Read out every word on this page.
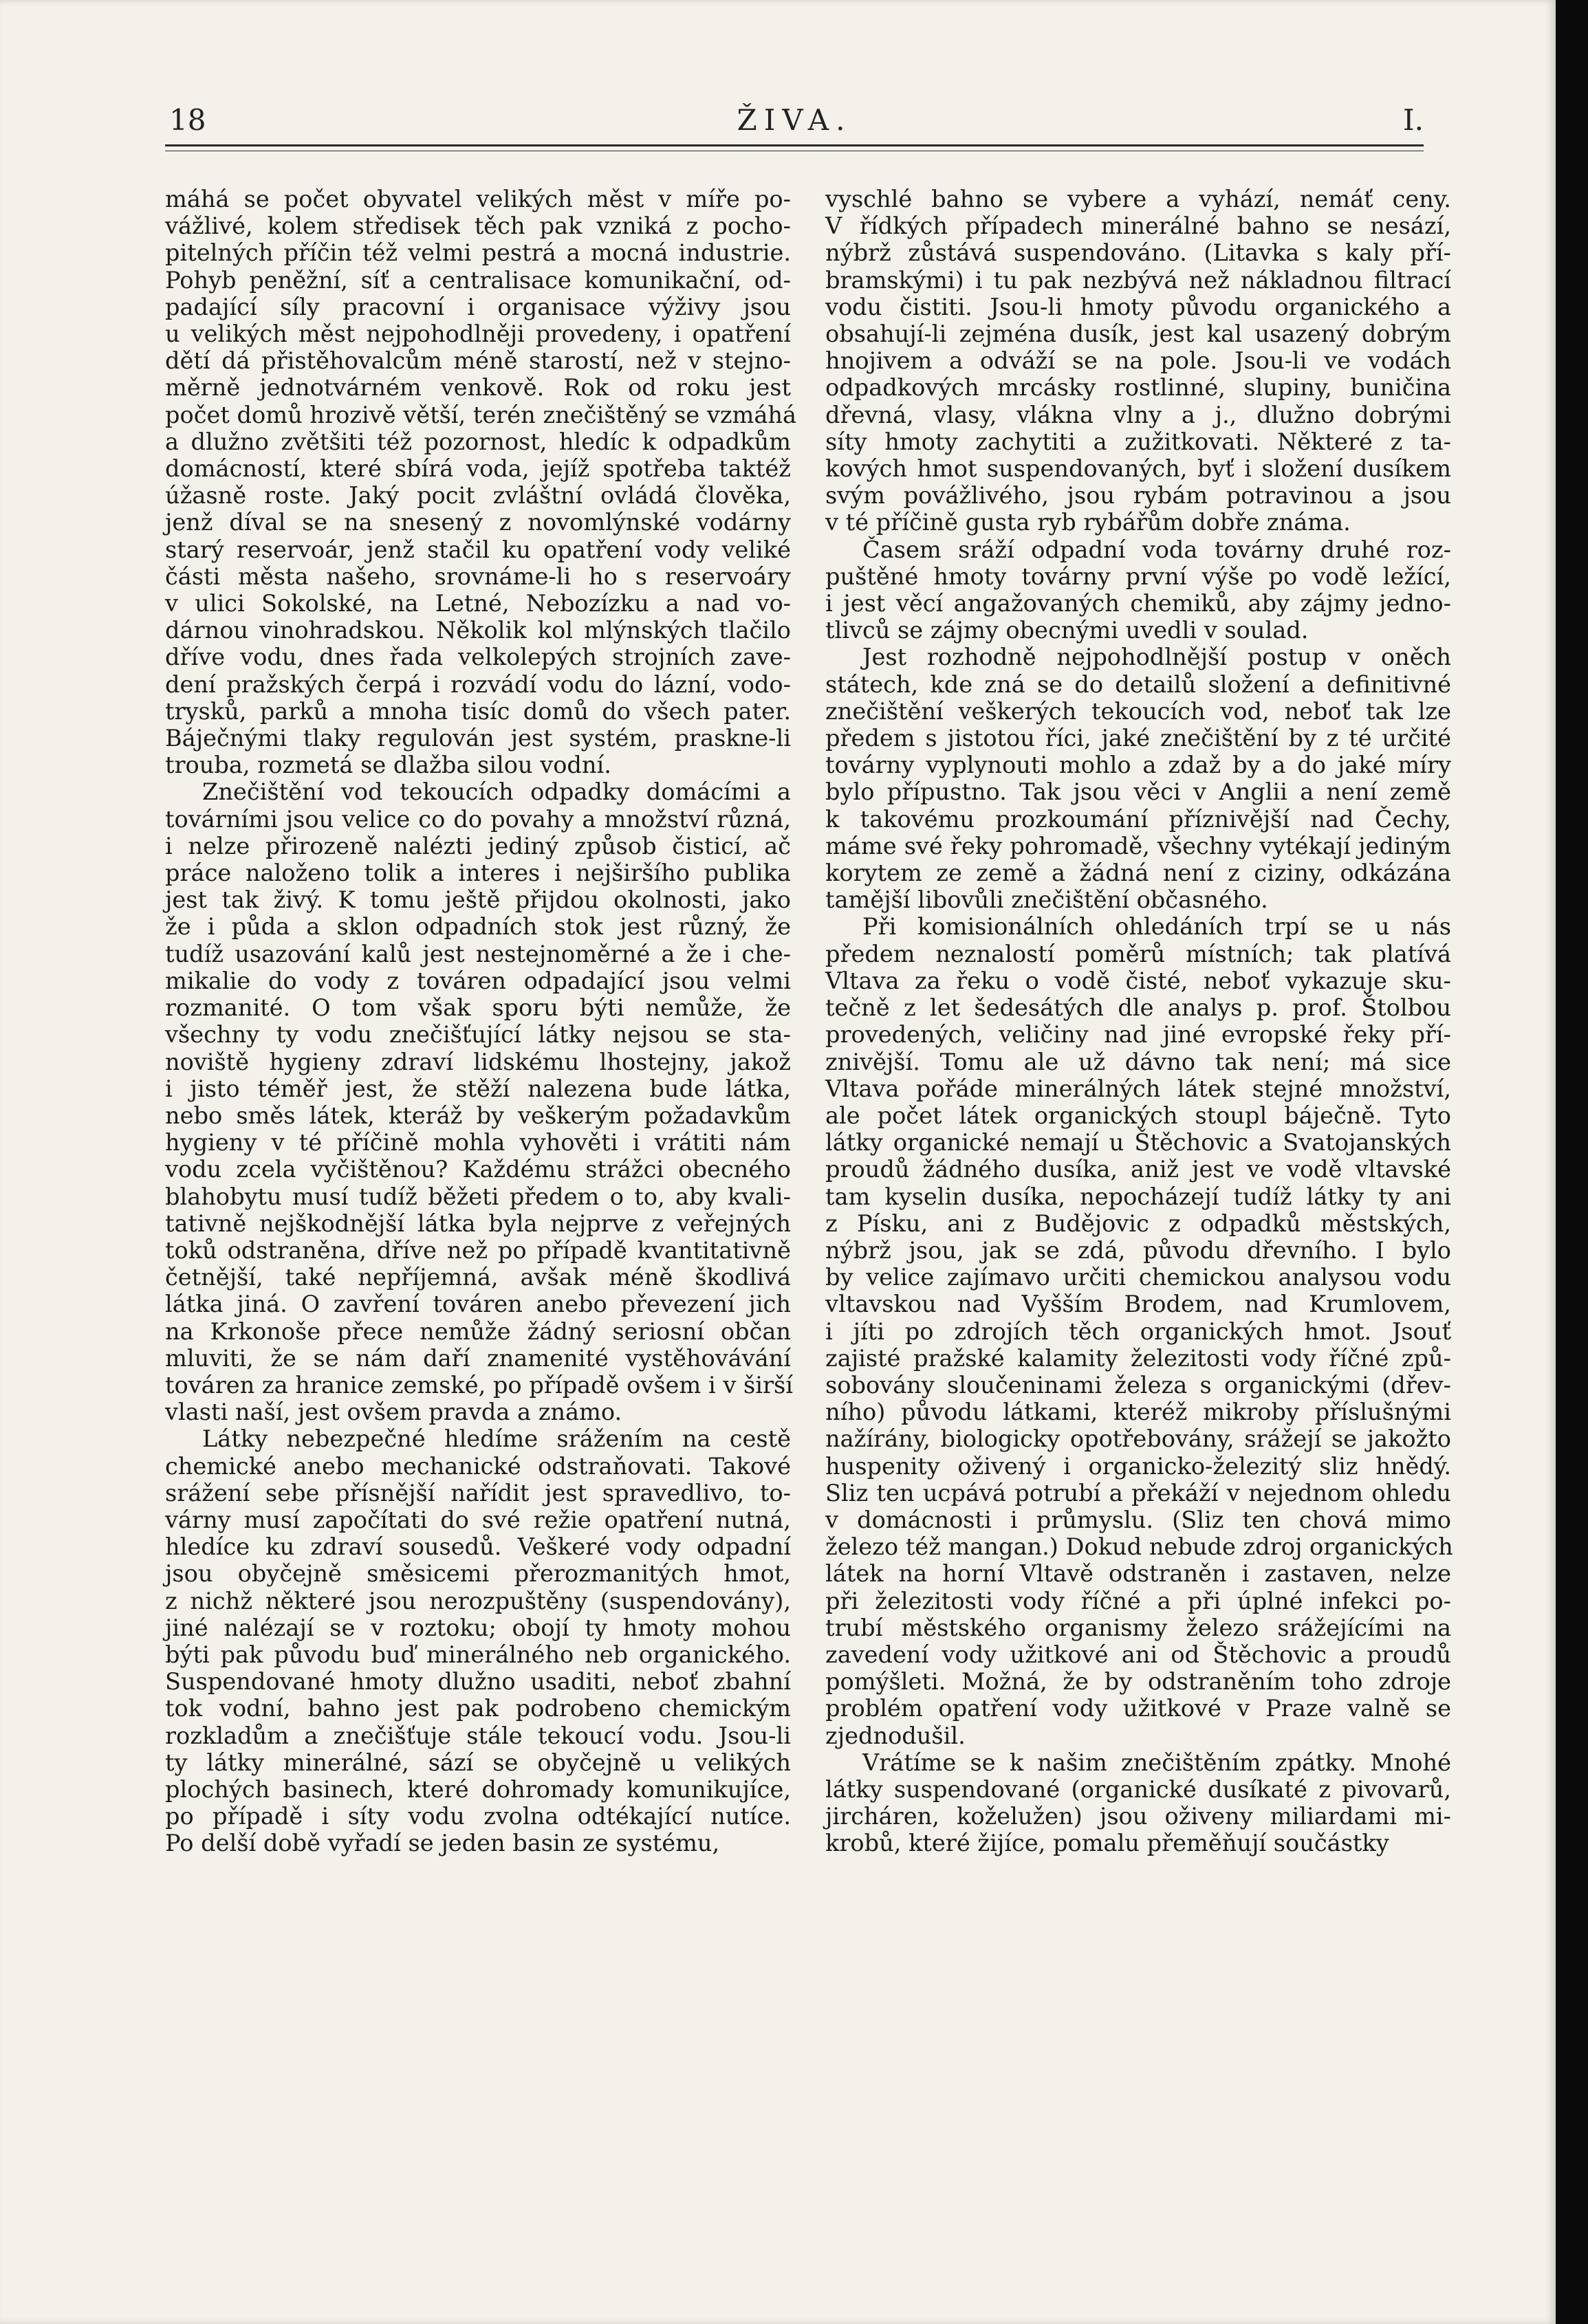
18	ŽIVA.	I.

máhá se počet obyvatel velikých měst v míře po-
vážlivé, kolem středisek těch pak vzniká z pocho-
pitelných příčin též velmi pestrá a mocná industrie.
Pohyb peněžní, síť a centralisace komunikační, od-
padající síly pracovní i organisace výživy jsou
u velikých měst nejpohodlněji provedeny, i opatření
dětí dá přistěhovalcům méně starostí, než v stejno-
měrně jednotvárném venkově. Rok od roku jest
počet domů hrozivě větší, terén znečištěný se vzmáhá
a dlužno zvětšiti též pozornost, hledíc k odpadkům
domácností, které sbírá voda, jejíž spotřeba taktéž
úžasně roste. Jaký pocit zvláštní ovládá člověka,
jenž díval se na snesený z novomlýnské vodárny
starý reservoár, jenž stačil ku opatření vody veliké
části města našeho, srovnáme-li ho s reservoáry
v ulici Sokolské, na Letné, Nebozízku a nad vo-
dárnou vinohradskou. Několik kol mlýnských tlačilo
dříve vodu, dnes řada velkolepých strojních zave-
dení pražských čerpá i rozvádí vodu do lázní, vodo-
trysků, parků a mnoha tisíc domů do všech pater.
Báječnými tlaky regulován jest systém, praskne-li
trouba, rozmetá se dlažba silou vodní.

Znečištění vod tekoucích odpadky domácími a
továrními jsou velice co do povahy a množství různá,
i nelze přirozeně nalézti jediný způsob čisticí, ač
práce naloženo tolik a interes i nejširšího publika
jest tak živý. K tomu ještě přijdou okolnosti, jako
že i půda a sklon odpadních stok jest různý, že
tudíž usazování kalů jest nestejnoměrné a že i che-
mikalie do vody z továren odpadající jsou velmi
rozmanité. O tom však sporu býti nemůže, že
všechny ty vodu znečišťující látky nejsou se sta-
noviště hygieny zdraví lidskému lhostejny, jakož
i jisto téměř jest, že stěží nalezena bude látka,
nebo směs látek, kteráž by veškerým požadavkům
hygieny v té příčině mohla vyhověti i vrátiti nám
vodu zcela vyčištěnou? Každému strážci obecného
blahobytu musí tudíž běžeti předem o to, aby kvali-
tativně nejškodnější látka byla nejprve z veřejných
toků odstraněna, dříve než po případě kvantitativně
četnější, také nepříjemná, avšak méně škodlivá
látka jiná. O zavření továren anebo převezení jich
na Krkonoše přece nemůže žádný seriosní občan
mluviti, že se nám daří znamenité vystěhovávání
továren za hranice zemské, po případě ovšem i v širší
vlasti naší, jest ovšem pravda a známo.

Látky nebezpečné hledíme srážením na cestě
chemické anebo mechanické odstraňovati. Takové
srážení sebe přísnější nařídit jest spravedlivo, to-
várny musí započítati do své režie opatření nutná,
hledíce ku zdraví sousedů. Veškeré vody odpadní
jsou obyčejně směsicemi přerozmanitých hmot,
z nichž některé jsou nerozpuštěny (suspendovány),
jiné nalézají se v roztoku; obojí ty hmoty mohou
býti pak původu buď minerálného neb organického.
Suspendované hmoty dlužno usaditi, neboť zbahní
tok vodní, bahno jest pak podrobeno chemickým
rozkladům a znečišťuje stále tekoucí vodu. Jsou-li
ty látky minerálné, sází se obyčejně u velikých
plochých basinech, které dohromady komunikujíce,
po případě i síty vodu zvolna odtékající nutíce.
Po delší době vyřadí se jeden basin ze systému,

vyschlé bahno se vybere a vyhází, nemáť ceny.
V řídkých případech minerálné bahno se nesází,
nýbrž zůstává suspendováno. (Litavka s kaly pří-
bramskými) i tu pak nezbývá než nákladnou filtrací
vodu čistiti. Jsou-li hmoty původu organického a
obsahují-li zejména dusík, jest kal usazený dobrým
hnojivem a odváží se na pole. Jsou-li ve vodách
odpadkových mrcásky rostlinné, slupiny, buničina
dřevná, vlasy, vlákna vlny a j., dlužno dobrými
síty hmoty zachytiti a zužitkovati. Některé z ta-
kových hmot suspendovaných, byť i složení dusíkem
svým povážlivého, jsou rybám potravinou a jsou
v té příčině gusta ryb rybářům dobře známa.

Časem sráží odpadní voda továrny druhé roz-
puštěné hmoty továrny první výše po vodě ležící,
i jest věcí angažovaných chemiků, aby zájmy jedno-
tlivců se zájmy obecnými uvedli v soulad.

Jest rozhodně nejpohodlnější postup v oněch
státech, kde zná se do detailů složení a definitivné
znečištění veškerých tekoucích vod, neboť tak lze
předem s jistotou říci, jaké znečištění by z té určité
továrny vyplynouti mohlo a zdaž by a do jaké míry
bylo přípustno. Tak jsou věci v Anglii a není země
k takovému prozkoumání příznivější nad Čechy,
máme své řeky pohromadě, všechny vytékají jediným
korytem ze země a žádná není z ciziny, odkázána
tamější libovůli znečištění občasného.

Při komisionálních ohledáních trpí se u nás
předem neznalostí poměrů místních; tak platívá
Vltava za řeku o vodě čisté, neboť vykazuje sku-
tečně z let šedesátých dle analys p. prof. Štolbou
provedených, veličiny nad jiné evropské řeky pří-
znivější. Tomu ale už dávno tak není; má sice
Vltava pořáde minerálných látek stejné množství,
ale počet látek organických stoupl báječně. Tyto
látky organické nemají u Štěchovic a Svatojanských
proudů žádného dusíka, aniž jest ve vodě vltavské
tam kyselin dusíka, nepocházejí tudíž látky ty ani
z Písku, ani z Budějovic z odpadků městských,
nýbrž jsou, jak se zdá, původu dřevního. I bylo
by velice zajímavo určiti chemickou analysou vodu
vltavskou nad Vyšším Brodem, nad Krumlovem,
i jíti po zdrojích těch organických hmot. Jsouť
zajisté pražské kalamity železitosti vody říčné způ-
sobovány sloučeninami železa s organickými (dřev-
ního) původu látkami, kteréž mikroby příslušnými
nažírány, biologicky opotřebovány, srážejí se jakožto
huspenity oživený i organicko-železitý sliz hnědý.
Sliz ten ucpává potrubí a překáží v nejednom ohledu
v domácnosti i průmyslu. (Sliz ten chová mimo
železo též mangan.) Dokud nebude zdroj organických
látek na horní Vltavě odstraněn i zastaven, nelze
při železitosti vody říčné a při úplné infekci po-
trubí městského organismy železo srážejícími na
zavedení vody užitkové ani od Štěchovic a proudů
pomýšleti. Možná, že by odstraněním toho zdroje
problém opatření vody užitkové v Praze valně se
zjednodušil.

Vrátíme se k našim znečištěním zpátky. Mnohé
látky suspendované (organické dusíkaté z pivovarů,
jircháren, koželužen) jsou oživeny miliardami mi-
krobů, které žijíce, pomalu přeměňují součástky
